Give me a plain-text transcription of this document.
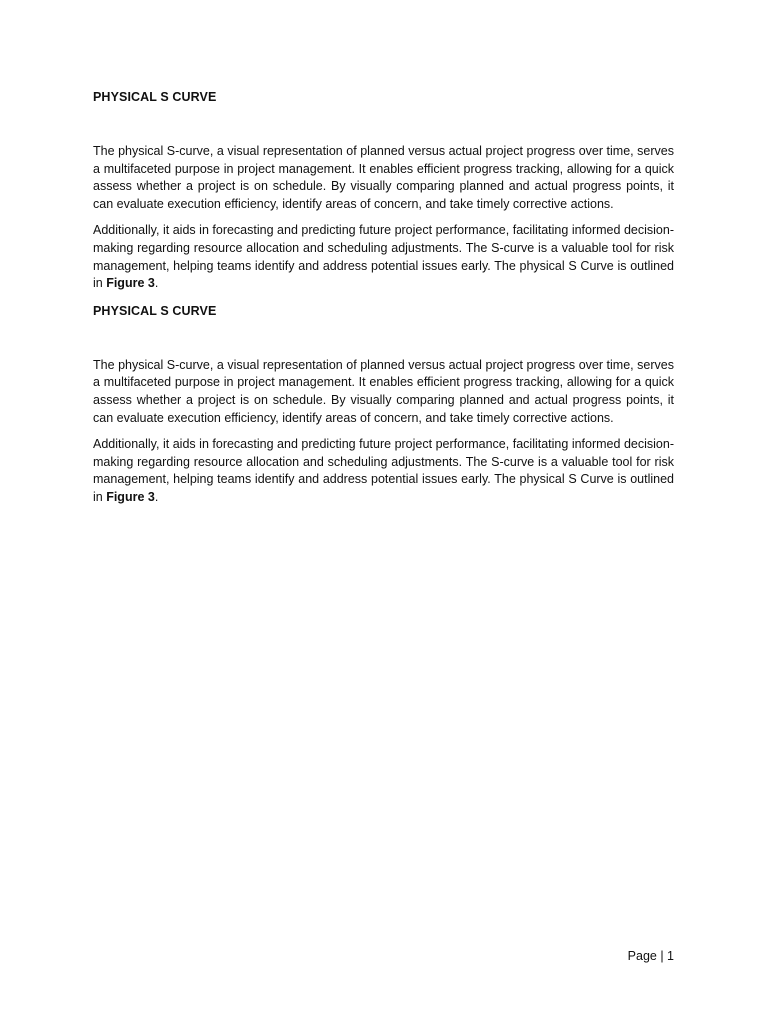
PHYSICAL S CURVE

The physical S-curve, a visual representation of planned versus actual project progress over time, serves a multifaceted purpose in project management. It enables efficient progress tracking, allowing for a quick assess whether a project is on schedule. By visually comparing planned and actual progress points, it can evaluate execution efficiency, identify areas of concern, and take timely corrective actions.

Additionally, it aids in forecasting and predicting future project performance, facilitating informed decision-making regarding resource allocation and scheduling adjustments. The S-curve is a valuable tool for risk management, helping teams identify and address potential issues early. The physical S Curve is outlined in Figure 3.

PHYSICAL S CURVE

The physical S-curve, a visual representation of planned versus actual project progress over time, serves a multifaceted purpose in project management. It enables efficient progress tracking, allowing for a quick assess whether a project is on schedule. By visually comparing planned and actual progress points, it can evaluate execution efficiency, identify areas of concern, and take timely corrective actions.

Additionally, it aids in forecasting and predicting future project performance, facilitating informed decision-making regarding resource allocation and scheduling adjustments. The S-curve is a valuable tool for risk management, helping teams identify and address potential issues early. The physical S Curve is outlined in Figure 3.

Page | 1
